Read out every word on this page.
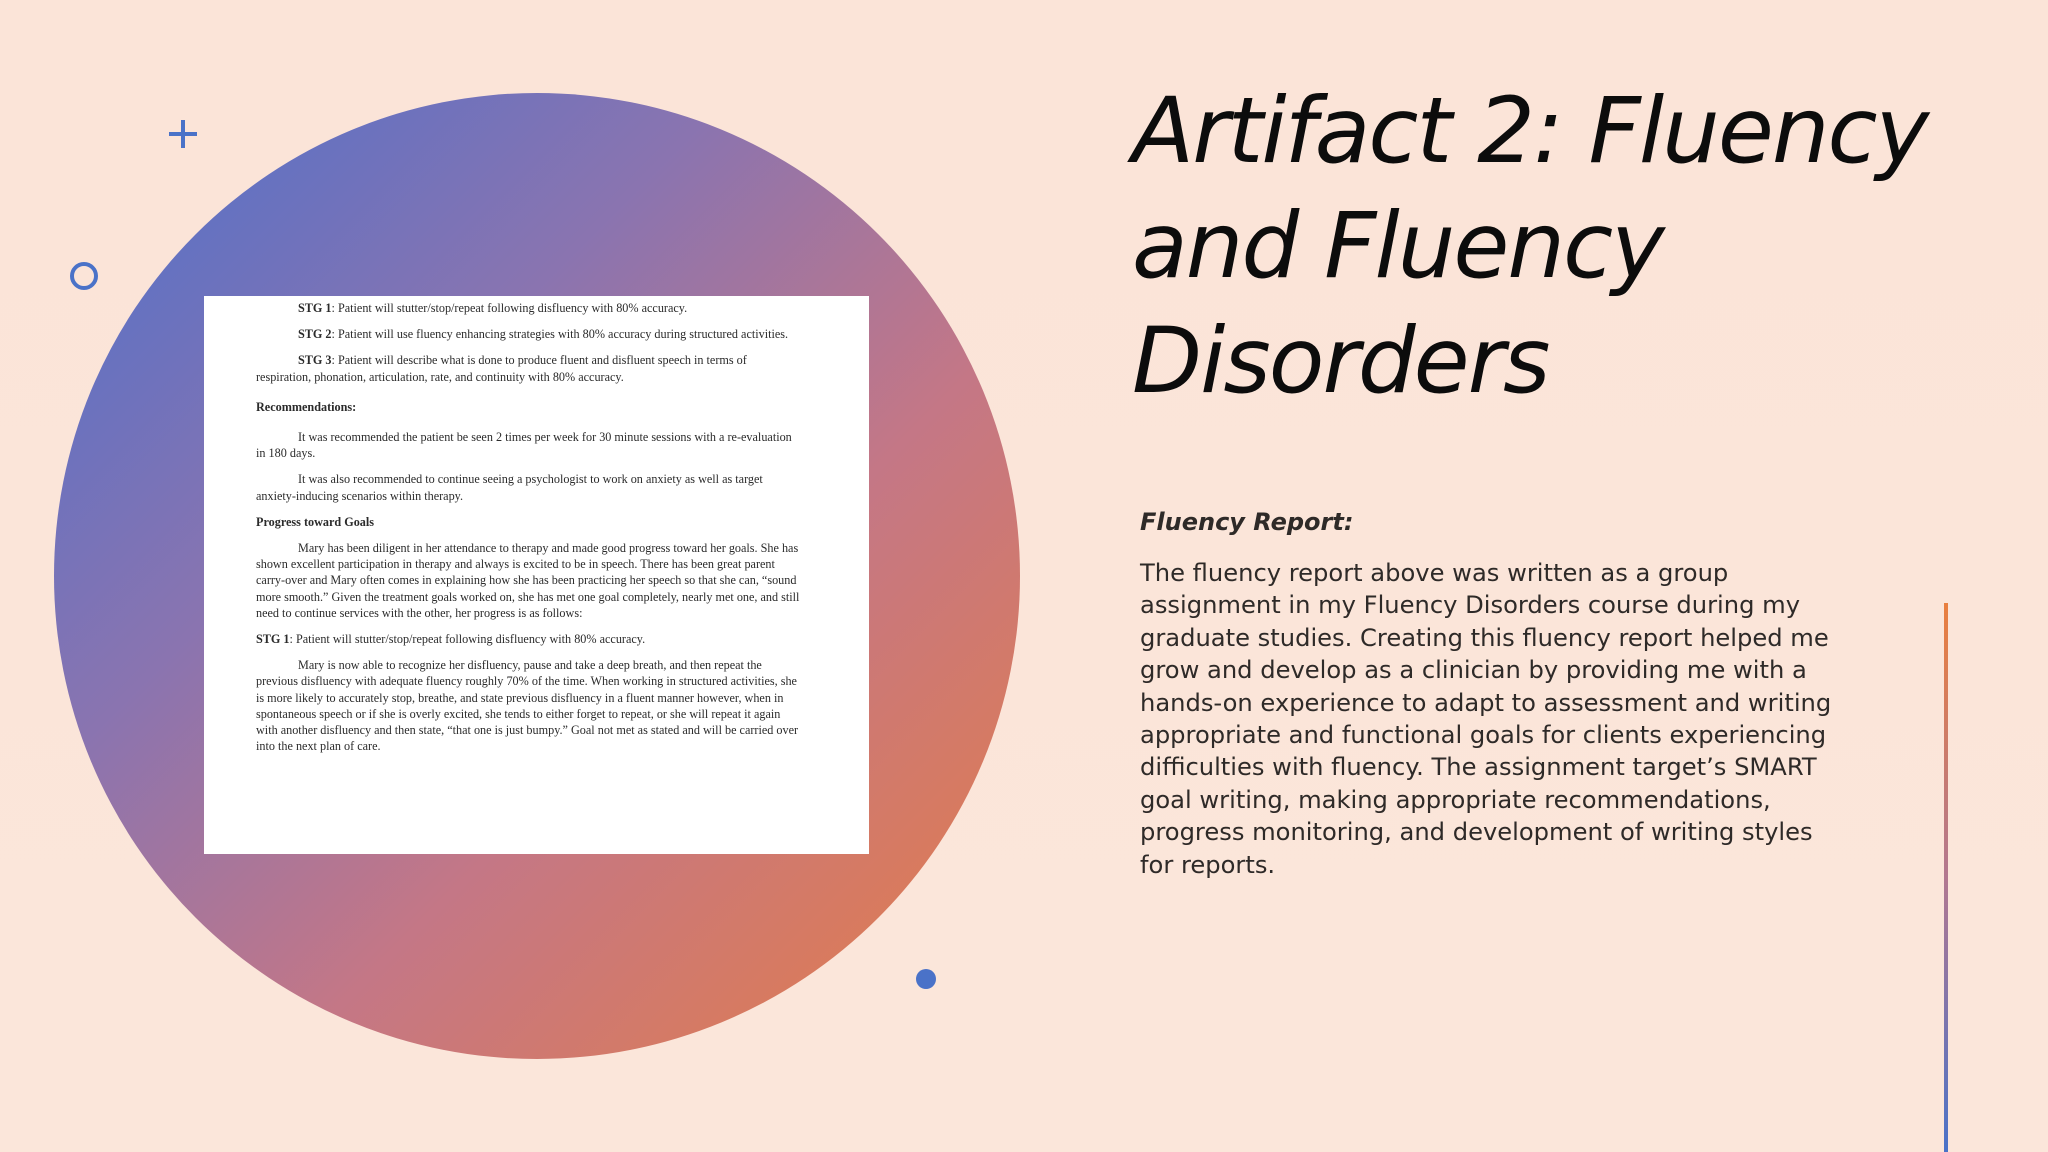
STG 1: Patient will stutter/stop/repeat following disfluency with 80% accuracy.

STG 2: Patient will use fluency enhancing strategies with 80% accuracy during structured activities.

STG 3: Patient will describe what is done to produce fluent and disfluent speech in terms of respiration, phonation, articulation, rate, and continuity with 80% accuracy.

Recommendations:

It was recommended the patient be seen 2 times per week for 30 minute sessions with a re-evaluation in 180 days.

It was also recommended to continue seeing a psychologist to work on anxiety as well as target anxiety-inducing scenarios within therapy.

Progress toward Goals

Mary has been diligent in her attendance to therapy and made good progress toward her goals. She has shown excellent participation in therapy and always is excited to be in speech. There has been great parent carry-over and Mary often comes in explaining how she has been practicing her speech so that she can, “sound more smooth.” Given the treatment goals worked on, she has met one goal completely, nearly met one, and still need to continue services with the other, her progress is as follows:

STG 1: Patient will stutter/stop/repeat following disfluency with 80% accuracy.

Mary is now able to recognize her disfluency, pause and take a deep breath, and then repeat the previous disfluency with adequate fluency roughly 70% of the time. When working in structured activities, she is more likely to accurately stop, breathe, and state previous disfluency in a fluent manner however, when in spontaneous speech or if she is overly excited, she tends to either forget to repeat, or she will repeat it again with another disfluency and then state, “that one is just bumpy.” Goal not met as stated and will be carried over into the next plan of care.

Artifact 2: Fluency and Fluency Disorders
Fluency Report:

The fluency report above was written as a group assignment in my Fluency Disorders course during my graduate studies. Creating this fluency report helped me grow and develop as a clinician by providing me with a hands-on experience to adapt to assessment and writing appropriate and functional goals for clients experiencing difficulties with fluency. The assignment target’s SMART goal writing, making appropriate recommendations, progress monitoring, and development of writing styles for reports.
